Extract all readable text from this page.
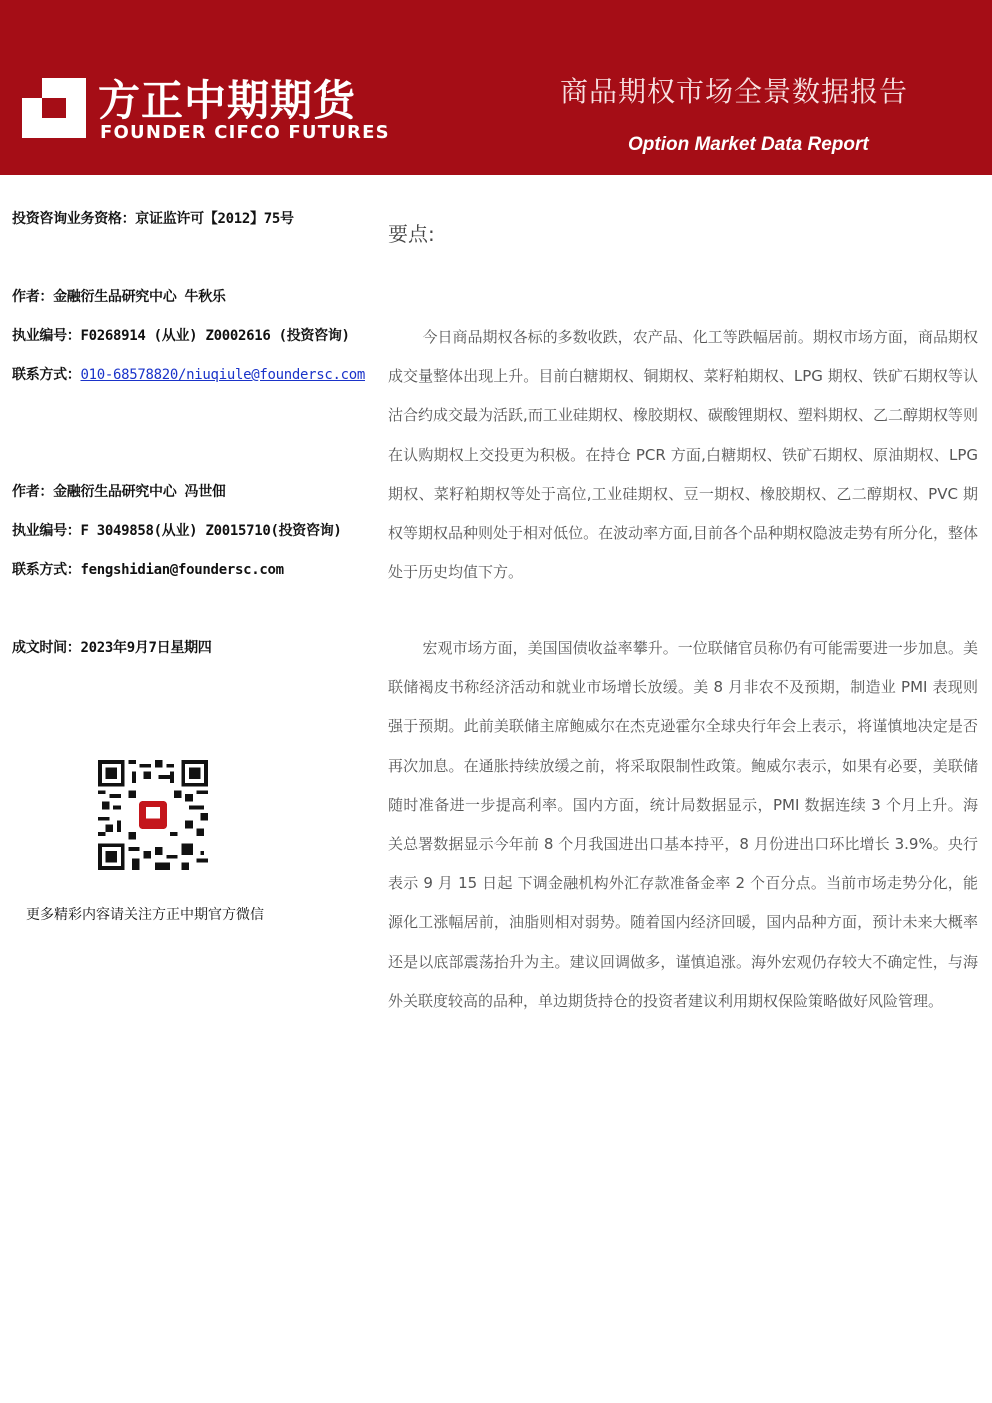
方正中期期货
FOUNDER CIFCO FUTURES
商品期权市场全景数据报告
Option Market Data Report
投资咨询业务资格：京证监许可【2012】75号
作者：金融衍生品研究中心 牛秋乐
执业编号：F0268914 (从业) Z0002616 (投资咨询)
联系方式：010-68578820/niuqiule@foundersc.com
作者：金融衍生品研究中心 冯世佃
执业编号：F 3049858(从业) Z0015710(投资咨询)
联系方式：fengshidian@foundersc.com
成文时间：2023年9月7日星期四
更多精彩内容请关注方正中期官方微信
要点:

今日商品期权各标的多数收跌，农产品、化工等跌幅居前。期权市场方面，商品期权成交量整体出现上升。目前白糖期权、铜期权、菜籽粕期权、LPG 期权、铁矿石期权等认沽合约成交最为活跃,而工业硅期权、橡胶期权、碳酸锂期权、塑料期权、乙二醇期权等则在认购期权上交投更为积极。在持仓 PCR 方面,白糖期权、铁矿石期权、原油期权、LPG 期权、菜籽粕期权等处于高位,工业硅期权、豆一期权、橡胶期权、乙二醇期权、PVC 期权等期权品种则处于相对低位。在波动率方面,目前各个品种期权隐波走势有所分化，整体处于历史均值下方。

宏观市场方面，美国国债收益率攀升。一位联储官员称仍有可能需要进一步加息。美联储褐皮书称经济活动和就业市场增长放缓。美 8 月非农不及预期，制造业 PMI 表现则强于预期。此前美联储主席鲍威尔在杰克逊霍尔全球央行年会上表示，将谨慎地决定是否再次加息。在通胀持续放缓之前，将采取限制性政策。鲍威尔表示，如果有必要，美联储随时准备进一步提高利率。国内方面，统计局数据显示，PMI 数据连续 3 个月上升。海关总署数据显示今年前 8 个月我国进出口基本持平，8 月份进出口环比增长 3.9%。央行表示 9 月 15 日起 下调金融机构外汇存款准备金率 2 个百分点。当前市场走势分化，能源化工涨幅居前，油脂则相对弱势。随着国内经济回暖，国内品种方面，预计未来大概率还是以底部震荡抬升为主。建议回调做多，谨慎追涨。海外宏观仍存较大不确定性，与海外关联度较高的品种，单边期货持仓的投资者建议利用期权保险策略做好风险管理。
